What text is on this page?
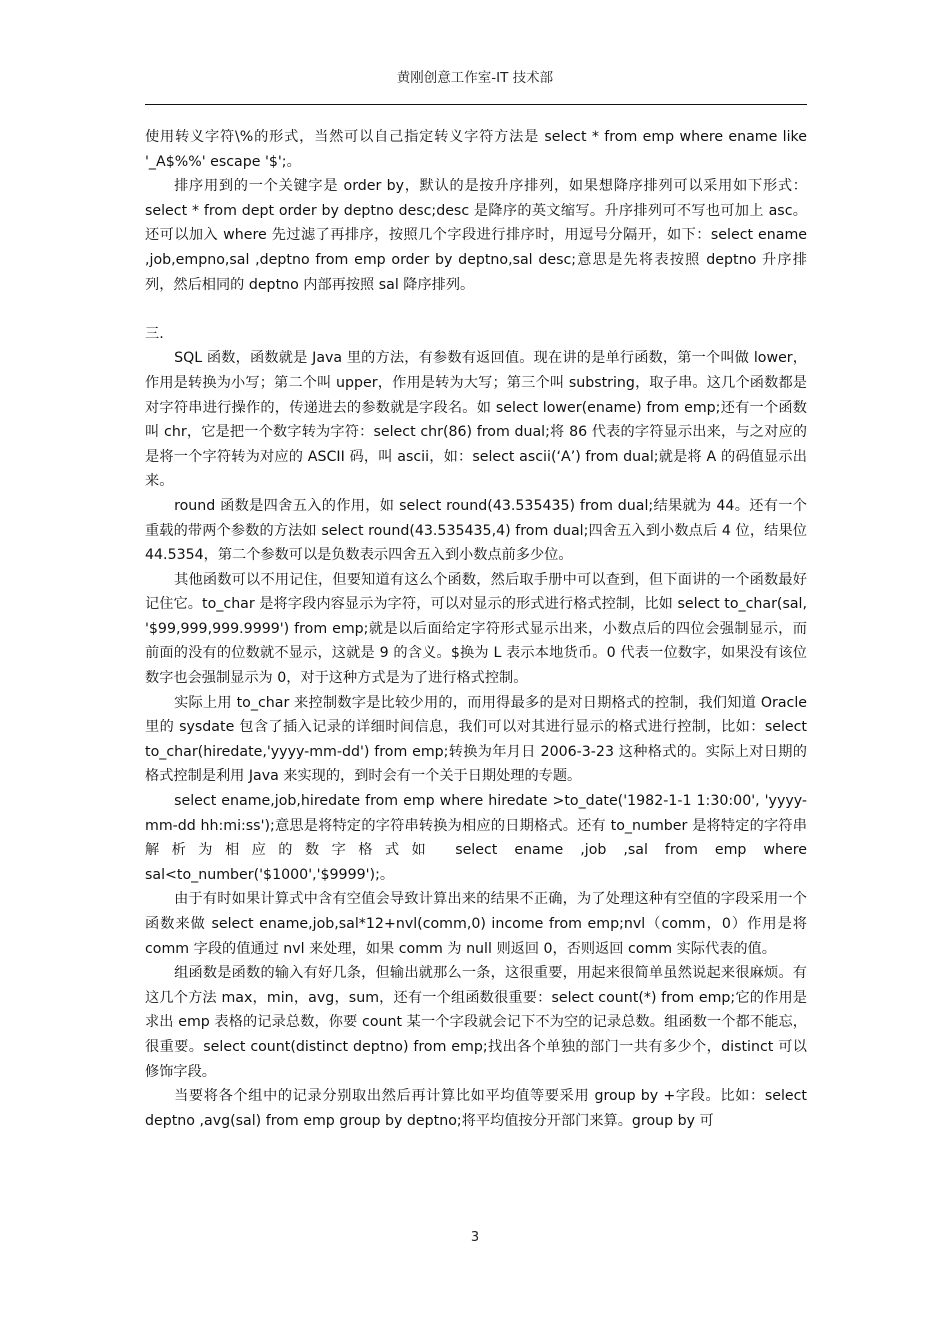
黄刚创意工作室-IT 技术部

使用转义字符\%的形式，当然可以自己指定转义字符方法是 select * from emp where ename like '_A$%%' escape '$';。

排序用到的一个关键字是 order by，默认的是按升序排列，如果想降序排列可以采用如下形式：select * from dept order by deptno desc;desc 是降序的英文缩写。升序排列可不写也可加上 asc。还可以加入 where 先过滤了再排序，按照几个字段进行排序时，用逗号分隔开，如下：select ename ,job,empno,sal ,deptno from emp order by deptno,sal desc;意思是先将表按照 deptno 升序排列，然后相同的 deptno 内部再按照 sal 降序排列。

三.

SQL 函数，函数就是 Java 里的方法，有参数有返回值。现在讲的是单行函数，第一个叫做 lower，作用是转换为小写；第二个叫 upper，作用是转为大写；第三个叫 substring，取子串。这几个函数都是对字符串进行操作的，传递进去的参数就是字段名。如 select lower(ename) from emp;还有一个函数叫 chr，它是把一个数字转为字符：select chr(86) from dual;将 86 代表的字符显示出来，与之对应的是将一个字符转为对应的 ASCII 码，叫 ascii，如：select ascii(‘A’) from dual;就是将 A 的码值显示出来。

round 函数是四舍五入的作用，如 select round(43.535435) from dual;结果就为 44。还有一个重载的带两个参数的方法如 select round(43.535435,4) from dual;四舍五入到小数点后 4 位，结果位 44.5354，第二个参数可以是负数表示四舍五入到小数点前多少位。

其他函数可以不用记住，但要知道有这么个函数，然后取手册中可以查到，但下面讲的一个函数最好记住它。to_char 是将字段内容显示为字符，可以对显示的形式进行格式控制，比如 select to_char(sal, '$99,999,999.9999') from emp;就是以后面给定字符形式显示出来，小数点后的四位会强制显示，而前面的没有的位数就不显示，这就是 9 的含义。$换为 L 表示本地货币。0 代表一位数字，如果没有该位数字也会强制显示为 0，对于这种方式是为了进行格式控制。

实际上用 to_char 来控制数字是比较少用的，而用得最多的是对日期格式的控制，我们知道 Oracle 里的 sysdate 包含了插入记录的详细时间信息，我们可以对其进行显示的格式进行控制，比如：select to_char(hiredate,'yyyy-mm-dd') from emp;转换为年月日 2006-3-23 这种格式的。实际上对日期的格式控制是利用 Java 来实现的，到时会有一个关于日期处理的专题。

select ename,job,hiredate from emp where hiredate >to_date('1982-1-1 1:30:00', 'yyyy-mm-dd hh:mi:ss');意思是将特定的字符串转换为相应的日期格式。还有 to_number 是将特定的字符串解析为相应的数字格式如 select ename ,job ,sal from emp where sal<to_number('$1000','$9999');。

由于有时如果计算式中含有空值会导致计算出来的结果不正确，为了处理这种有空值的字段采用一个函数来做 select ename,job,sal*12+nvl(comm,0) income from emp;nvl（comm，0）作用是将 comm 字段的值通过 nvl 来处理，如果 comm 为 null 则返回 0，否则返回 comm 实际代表的值。

组函数是函数的输入有好几条，但输出就那么一条，这很重要，用起来很简单虽然说起来很麻烦。有这几个方法 max，min，avg，sum，还有一个组函数很重要：select count(*) from emp;它的作用是求出 emp 表格的记录总数，你要 count 某一个字段就会记下不为空的记录总数。组函数一个都不能忘，很重要。select count(distinct deptno) from emp;找出各个单独的部门一共有多少个，distinct 可以修饰字段。

当要将各个组中的记录分别取出然后再计算比如平均值等要采用 group by +字段。比如：select deptno ,avg(sal) from emp group by deptno;将平均值按分开部门来算。group by 可

3
